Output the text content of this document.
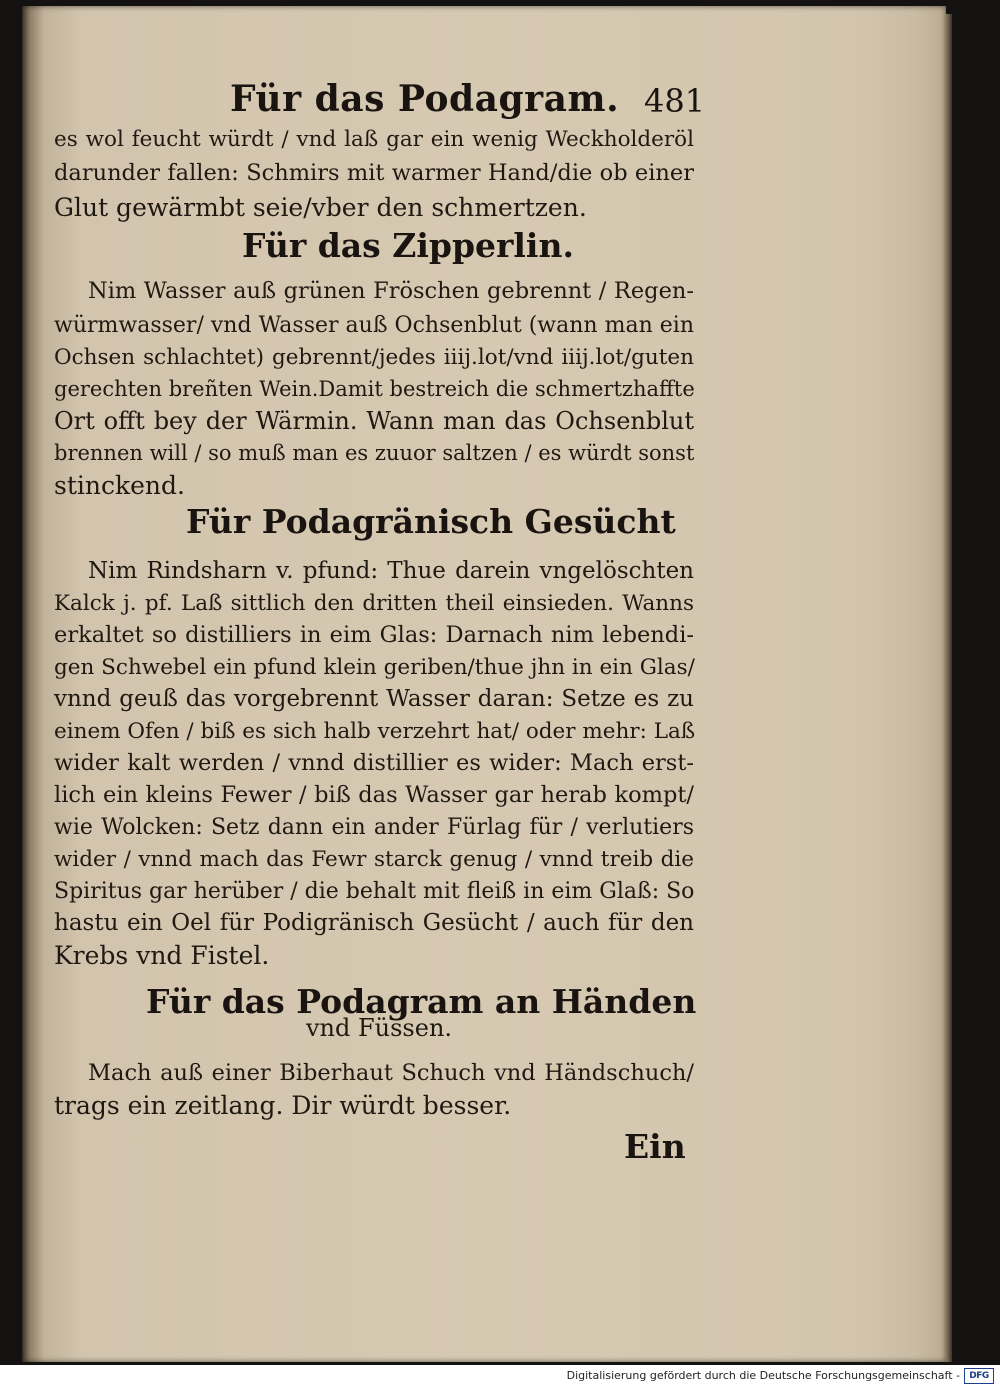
Für das Podagram. 481
es wol feucht würdt / vnd laß gar ein wenig Weckholderöl
darunder fallen: Schmirs mit warmer Hand/die ob einer
Glut gewärmbt seie/vber den schmertzen.
Für das Zipperlin.
Nim Wasser auß grünen Fröschen gebrennt / Regen-
würmwasser/ vnd Wasser auß Ochsenblut (wann man ein
Ochsen schlachtet) gebrennt/jedes iiij.lot/vnd iiij.lot/guten
gerechten breñten Wein.Damit bestreich die schmertzhaffte
Ort offt bey der Wärmin. Wann man das Ochsenblut
brennen will / so muß man es zuuor saltzen / es würdt sonst
stinckend.
Für Podagränisch Gesücht
Nim Rindsharn v. pfund: Thue darein vngelöschten
Kalck j. pf. Laß sittlich den dritten theil einsieden. Wanns
erkaltet so distilliers in eim Glas: Darnach nim lebendi-
gen Schwebel ein pfund klein geriben/thue jhn in ein Glas/
vnnd geuß das vorgebrennt Wasser daran: Setze es zu
einem Ofen / biß es sich halb verzehrt hat/ oder mehr: Laß
wider kalt werden / vnnd distillier es wider: Mach erst-
lich ein kleins Fewer / biß das Wasser gar herab kompt/
wie Wolcken: Setz dann ein ander Fürlag für / verlutiers
wider / vnnd mach das Fewr starck genug / vnnd treib die
Spiritus gar herüber / die behalt mit fleiß in eim Glaß: So
hastu ein Oel für Podigränisch Gesücht / auch für den
Krebs vnd Fistel.
Für das Podagram an Händen
vnd Füssen.
Mach auß einer Biberhaut Schuch vnd Händschuch/
trags ein zeitlang. Dir würdt besser.
Ein
Digitalisierung gefördert durch die Deutsche Forschungsgemeinschaft -	DFG
